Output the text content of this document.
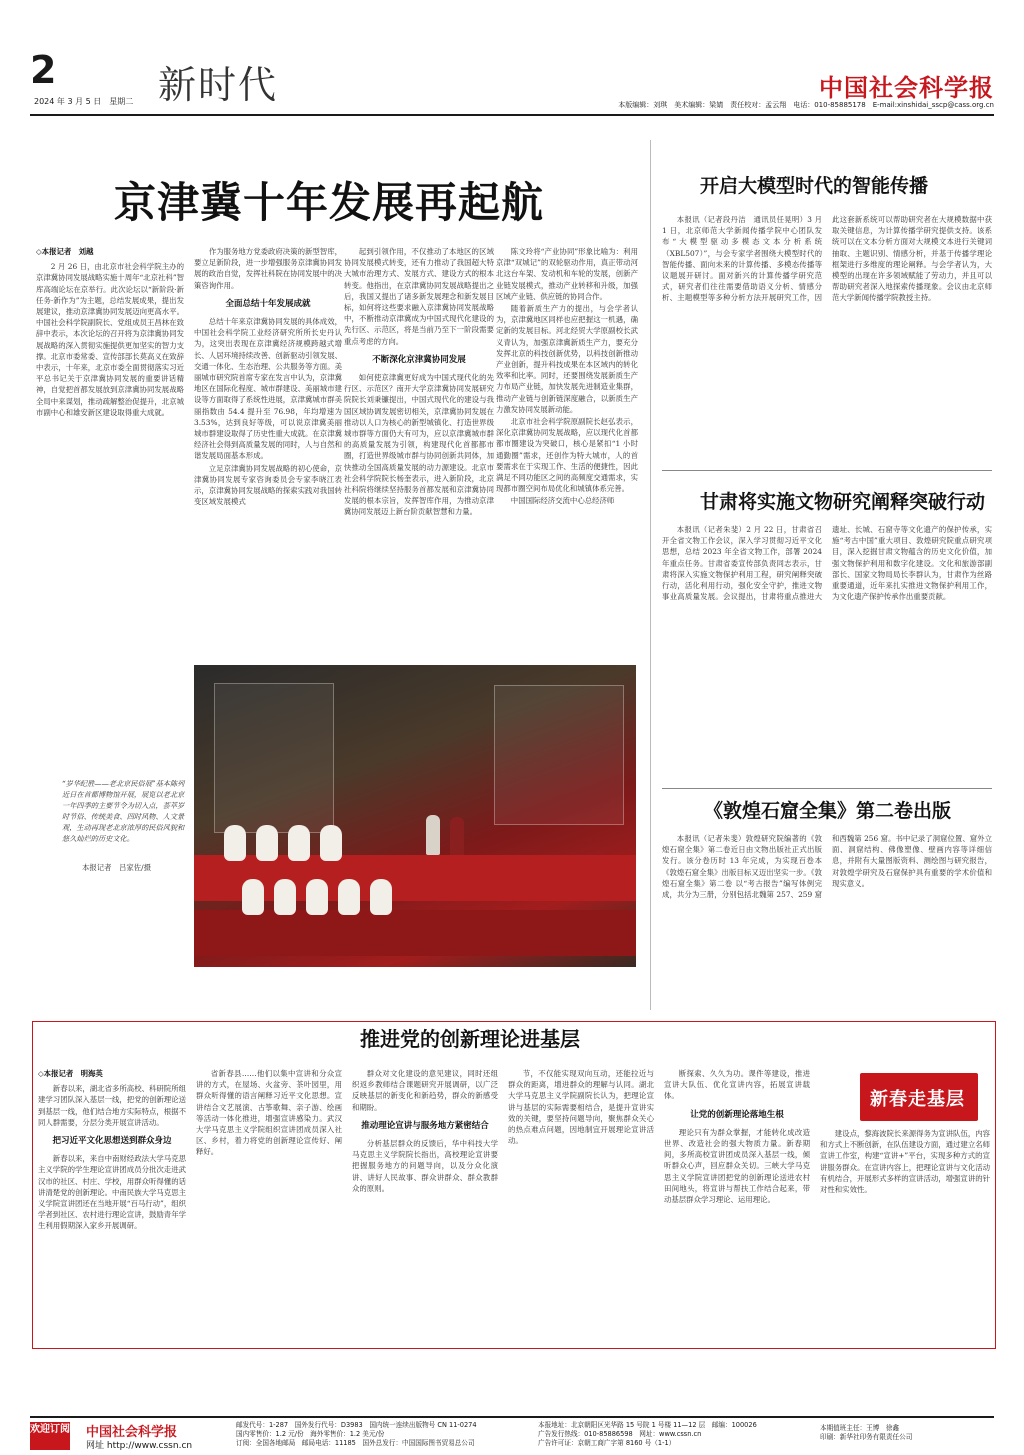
2
2024 年 3 月 5 日　星期二 新时代	中国社会科学报
本版编辑：刘琪　美术编辑：梁婧　责任校对：孟云翔　电话：010-85885178　E-mail:xinshidai_sscp@cass.org.cn
京津冀十年发展再起航
◇本报记者　刘越

2 月 26 日，由北京市社会科学院主办的京津冀协同发展战略实施十周年“北京社科”智库高端论坛在京举行。此次论坛以“新阶段·新任务·新作为”为主题，总结发展成果，提出发展建议，推动京津冀协同发展迈向更高水平。中国社会科学院副院长、党组成员王昌林在致辞中表示，本次论坛的召开将为京津冀协同发展战略的深入贯彻实施提供更加坚实的智力支撑。北京市委常委、宣传部部长莫高义在致辞中表示，十年来，北京市委全面贯彻落实习近平总书记关于京津冀协同发展的重要讲话精神，自觉把首都发展放到京津冀协同发展战略全局中来谋划，推动疏解整治促提升，北京城市副中心和雄安新区建设取得重大成就。

作为服务地方党委政府决策的新型智库，要立足新阶段，进一步增强服务京津冀协同发展的政治自觉，发挥社科院在协同发展中的决策咨询作用。

全面总结十年发展成就

总结十年来京津冀协同发展的具体成效，中国社会科学院工业经济研究所所长史丹认为，这突出表现在京津冀经济规模跨越式增长、人居环境持续改善、创新驱动引领发展、交通一体化、生态治理、公共服务等方面。美丽城市研究院首席专家在发言中认为，京津冀地区在国际化程度、城市群建设、美丽城市建设等方面取得了系统性进展，京津冀城市群美丽指数由 54.4 提升至 76.98，年均增速为 3.53%，达到良好等级，可以说京津冀美丽城市群建设取得了历史性重大成就。在京津冀经济社会得到高质量发展的同时，人与自然和谐发展局面基本形成。

立足京津冀协同发展战略的初心使命，京津冀协同发展专家咨询委员会专家李晓江表示，京津冀协同发展战略的探索实践对我国转变区域发展模式

起到引领作用，不仅推动了本地区的区域协同发展模式转变，还有力推动了我国超大特大城市治理方式、发展方式、建设方式的根本转变。他指出，在京津冀协同发展战略提出之后，我国又提出了诸多新发展理念和新发展目标，如何将这些要求融入京津冀协同发展战略中，不断推动京津冀成为中国式现代化建设的先行区、示范区，将是当前乃至下一阶段需要重点考虑的方向。

不断深化京津冀协同发展

如何使京津冀更好成为中国式现代化的先行区、示范区？南开大学京津冀协同发展研究院院长刘秉镰提出，中国式现代化的建设与我国区域协调发展密切相关，京津冀协同发展在推动以人口为核心的新型城镇化、打造世界级城市群等方面仍大有可为，应以京津冀城市群的高质量发展为引领，构建现代化首都都市圈，打造世界级城市群与协同创新共同体，加快推动全国高质量发展的动力源建设。北京市社会科学院院长杨奎表示，进入新阶段，北京社科院将继续坚持服务首都发展和京津冀协同发展的根本宗旨，发挥智库作用，为推动京津冀协同发展迈上新台阶贡献智慧和力量。

陈文玲将“产业协同”形象比喻为：利用京津“双城记”的双轮驱动作用，真正带动河北这台车架、发动机和车轮的发展，创新产业链发展模式，推动产业转移和升级，加强区域产业链、供应链的协同合作。

随着新质生产力的提出，与会学者认为，京津冀地区同样也应把握这一机遇，确定新的发展目标。河北经贸大学原副校长武义青认为，加强京津冀新质生产力，要充分发挥北京的科技创新优势，以科技创新推动产业创新，提升科技成果在本区域内的转化效率和比率。同时，还要围绕发展新质生产力布局产业链，加快发展先进制造业集群，推动产业链与创新链深度融合，以新质生产力激发协同发展新动能。

北京市社会科学院原副院长赵弘表示，深化京津冀协同发展战略，应以现代化首都都市圈建设为突破口，核心是紧扣“1 小时通勤圈”需求，还创作为特大城市，人的首要需求在于实现工作、生活的便捷性，因此满足不同功能区之间的高频度交通需求，实现都市圈空间布局优化和城镇体系完善。

中国国际经济交流中心总经济师

“岁华纪胜——老北京民俗展”基本陈列近日在首都博物馆开展，展览以老北京一年四季的主要节令为切入点，荟萃岁时节俗、传统美食、四时风物、人文景观，生动再现老北京浓厚的民俗风貌和悠久灿烂的历史文化。
本报记者　吕家佐/摄
开启大模型时代的智能传播

本报讯（记者段丹洁　通讯员任晃明）3 月 1 日，北京师范大学新闻传播学院中心团队发布“大模型驱动多模态文本分析系统（XBL507）”，与会专家学者围绕大模型时代的智能传播、面向未来的计算传播、多模态传播等议题展开研讨。面对新兴的计算传播学研究范式，研究者们往往需要借助语义分析、情感分析、主题模型等多种分析方法开展研究工作，因此这套新系统可以帮助研究者在大规模数据中获取关键信息，为计算传播学研究提供支持。该系统可以在文本分析方面对大规模文本进行关键词抽取、主题识别、情感分析，并基于传播学理论框架进行多维度的理论阐释。与会学者认为，大模型的出现在许多领域赋能了劳动力，并且可以帮助研究者深入地探索传播现象。会议由北京师范大学新闻传播学院教授主持。

甘肃将实施文物研究阐释突破行动

本报讯（记者朱斐）2 月 22 日，甘肃省召开全省文物工作会议，深入学习贯彻习近平文化思想，总结 2023 年全省文物工作，部署 2024 年重点任务。甘肃省委宣传部负责同志表示，甘肃将深入实施文物保护利用工程，研究阐释突破行动，活化利用行动，强化安全守护，推进文物事业高质量发展。会议提出，甘肃将重点推进大遗址、长城、石窟寺等文化遗产的保护传承，实施“考古中国”重大项目、敦煌研究院重点研究项目，深入挖掘甘肃文物蕴含的历史文化价值，加强文物保护利用和数字化建设。文化和旅游部副部长、国家文物局局长李群认为，甘肃作为丝路重要通道，近年来扎实推进文物保护利用工作，为文化遗产保护传承作出重要贡献。

《敦煌石窟全集》第二卷出版

本报讯（记者朱斐）敦煌研究院编著的《敦煌石窟全集》第二卷近日由文物出版社正式出版发行。该分卷历时 13 年完成，为实现百卷本《敦煌石窟全集》出版目标又迈出坚实一步。《敦煌石窟全集》第二卷 以“考古报告”编写体例完成，共分为三册，分别包括北魏第 257、259 窟和西魏第 256 窟。书中记录了洞窟位置、窟外立面、洞窟结构、佛像塑像、壁画内容等详细信息，并附有大量图版资料、测绘图与研究报告，对敦煌学研究及石窟保护具有重要的学术价值和现实意义。

推进党的创新理论进基层
◇本报记者　明海英

新春以来，湖北省多所高校、科研院所组建学习团队深入基层一线，把党的创新理论送到基层一线，他们结合地方实际特点，根据不同人群需要，分层分类开展宣讲活动。

把习近平文化思想送到群众身边

新春以来，来自中南财经政法大学马克思主义学院的学生理论宣讲团成员分批次走进武汉市的社区、村庄、学校，用群众听得懂的话讲清楚党的创新理论。中南民族大学马克思主义学院宣讲团还在当地开展“百马行动”，组织学者到社区、农村进行理论宣讲，鼓励青年学生利用假期深入家乡开展调研。

省新春县……他们以集中宣讲和分众宣讲的方式，在屋场、火盆旁、茶叶园里，用群众听得懂的语言阐释习近平文化思想。宣讲结合文艺展演、古筝歌舞、亲子游、绘画等活动一体化推进，增强宣讲感染力。武汉大学马克思主义学院组织宣讲团成员深入社区、乡村，着力将党的创新理论宣传好、阐释好。

群众对文化建设的意见建议，同时还组织返乡教师结合课题研究开展调研，以广泛反映基层的新变化和新趋势，群众的新感受和期盼。

推动理论宣讲与服务地方紧密结合

分析基层群众的反馈后，华中科技大学马克思主义学院院长指出，高校理论宣讲要把握服务地方的问题导向，以及分众化演讲、讲好人民故事、群众讲群众、群众教群众的原则。

节，不仅能实现双向互动，还能拉近与群众的距离，增进群众的理解与认同。湖北大学马克思主义学院副院长认为，把理论宣讲与基层的实际需要相结合，是提升宣讲实效的关键，要坚持问题导向，聚焦群众关心的热点难点问题，因地制宜开展理论宣讲活动。

断探索、久久为功。课件等建设，推进宣讲大队伍、优化宣讲内容，拓展宣讲载体。

让党的创新理论落地生根

理论只有为群众掌握，才能转化成改造世界、改造社会的强大物质力量。新春期间，多所高校宣讲团成员深入基层一线，倾听群众心声，回应群众关切。三峡大学马克思主义学院宣讲团把党的创新理论送进农村田间地头，将宣讲与帮扶工作结合起来，带动基层群众学习理论、运用理论。

新春走基层

建设点，黎海波院长来源得务为宣讲队伍，内容和方式上不断创新，在队伍建设方面，通过建立名师宣讲工作室，构建“宣讲+”平台，实现多种方式的宣讲服务群众。在宣讲内容上，把理论宣讲与文化活动有机结合，开展形式多样的宣讲活动，增强宣讲的针对性和实效性。

欢迎订阅 中国社会科学报
网址 http://www.cssn.cn
邮发代号：1-287　国外发行代号：D3983　国内统一连续出版物号 CN 11-0274
国内零售价：1.2 元/份　海外零售价：1.2 美元/份
订阅：全国各地邮局　邮局电话：11185　国外总发行：中国国际图书贸易总公司
本报地址：北京朝阳区光华路 15 号院 1 号楼 11—12 层　邮编：100026
广告发行热线：010-85886598　网址：www.cssn.cn
广告许可证：京朝工商广字第 8160 号（1-1）
本期值班主任：王博　徐鑫
印刷：新华社印务有限责任公司
